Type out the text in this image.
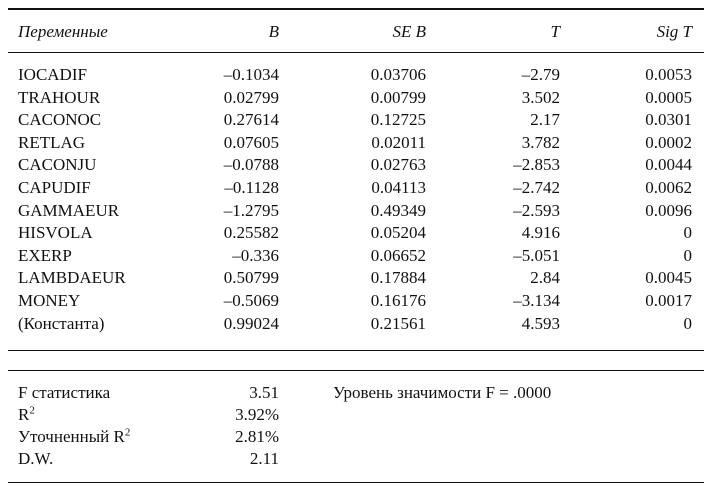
Переменные	B	SE B	T	Sig T
IOCADIF	–0.1034	0.03706	–2.79	0.0053
TRAHOUR	0.02799	0.00799	3.502	0.0005
CACONOC	0.27614	0.12725	2.17	0.0301
RETLAG	0.07605	0.02011	3.782	0.0002
CACONJU	–0.0788	0.02763	–2.853	0.0044
CAPUDIF	–0.1128	0.04113	–2.742	0.0062
GAMMAEUR	–1.2795	0.49349	–2.593	0.0096
HISVOLA	0.25582	0.05204	4.916	0
EXERP	–0.336	0.06652	–5.051	0
LAMBDAEUR	0.50799	0.17884	2.84	0.0045
MONEY	–0.5069	0.16176	–3.134	0.0017
(Константа)	0.99024	0.21561	4.593	0
F статистика	3.51	Уровень значимости F = .0000
$R^2$	3.92%
Уточненный $R^2$	2.81%
D.W.	2.11
